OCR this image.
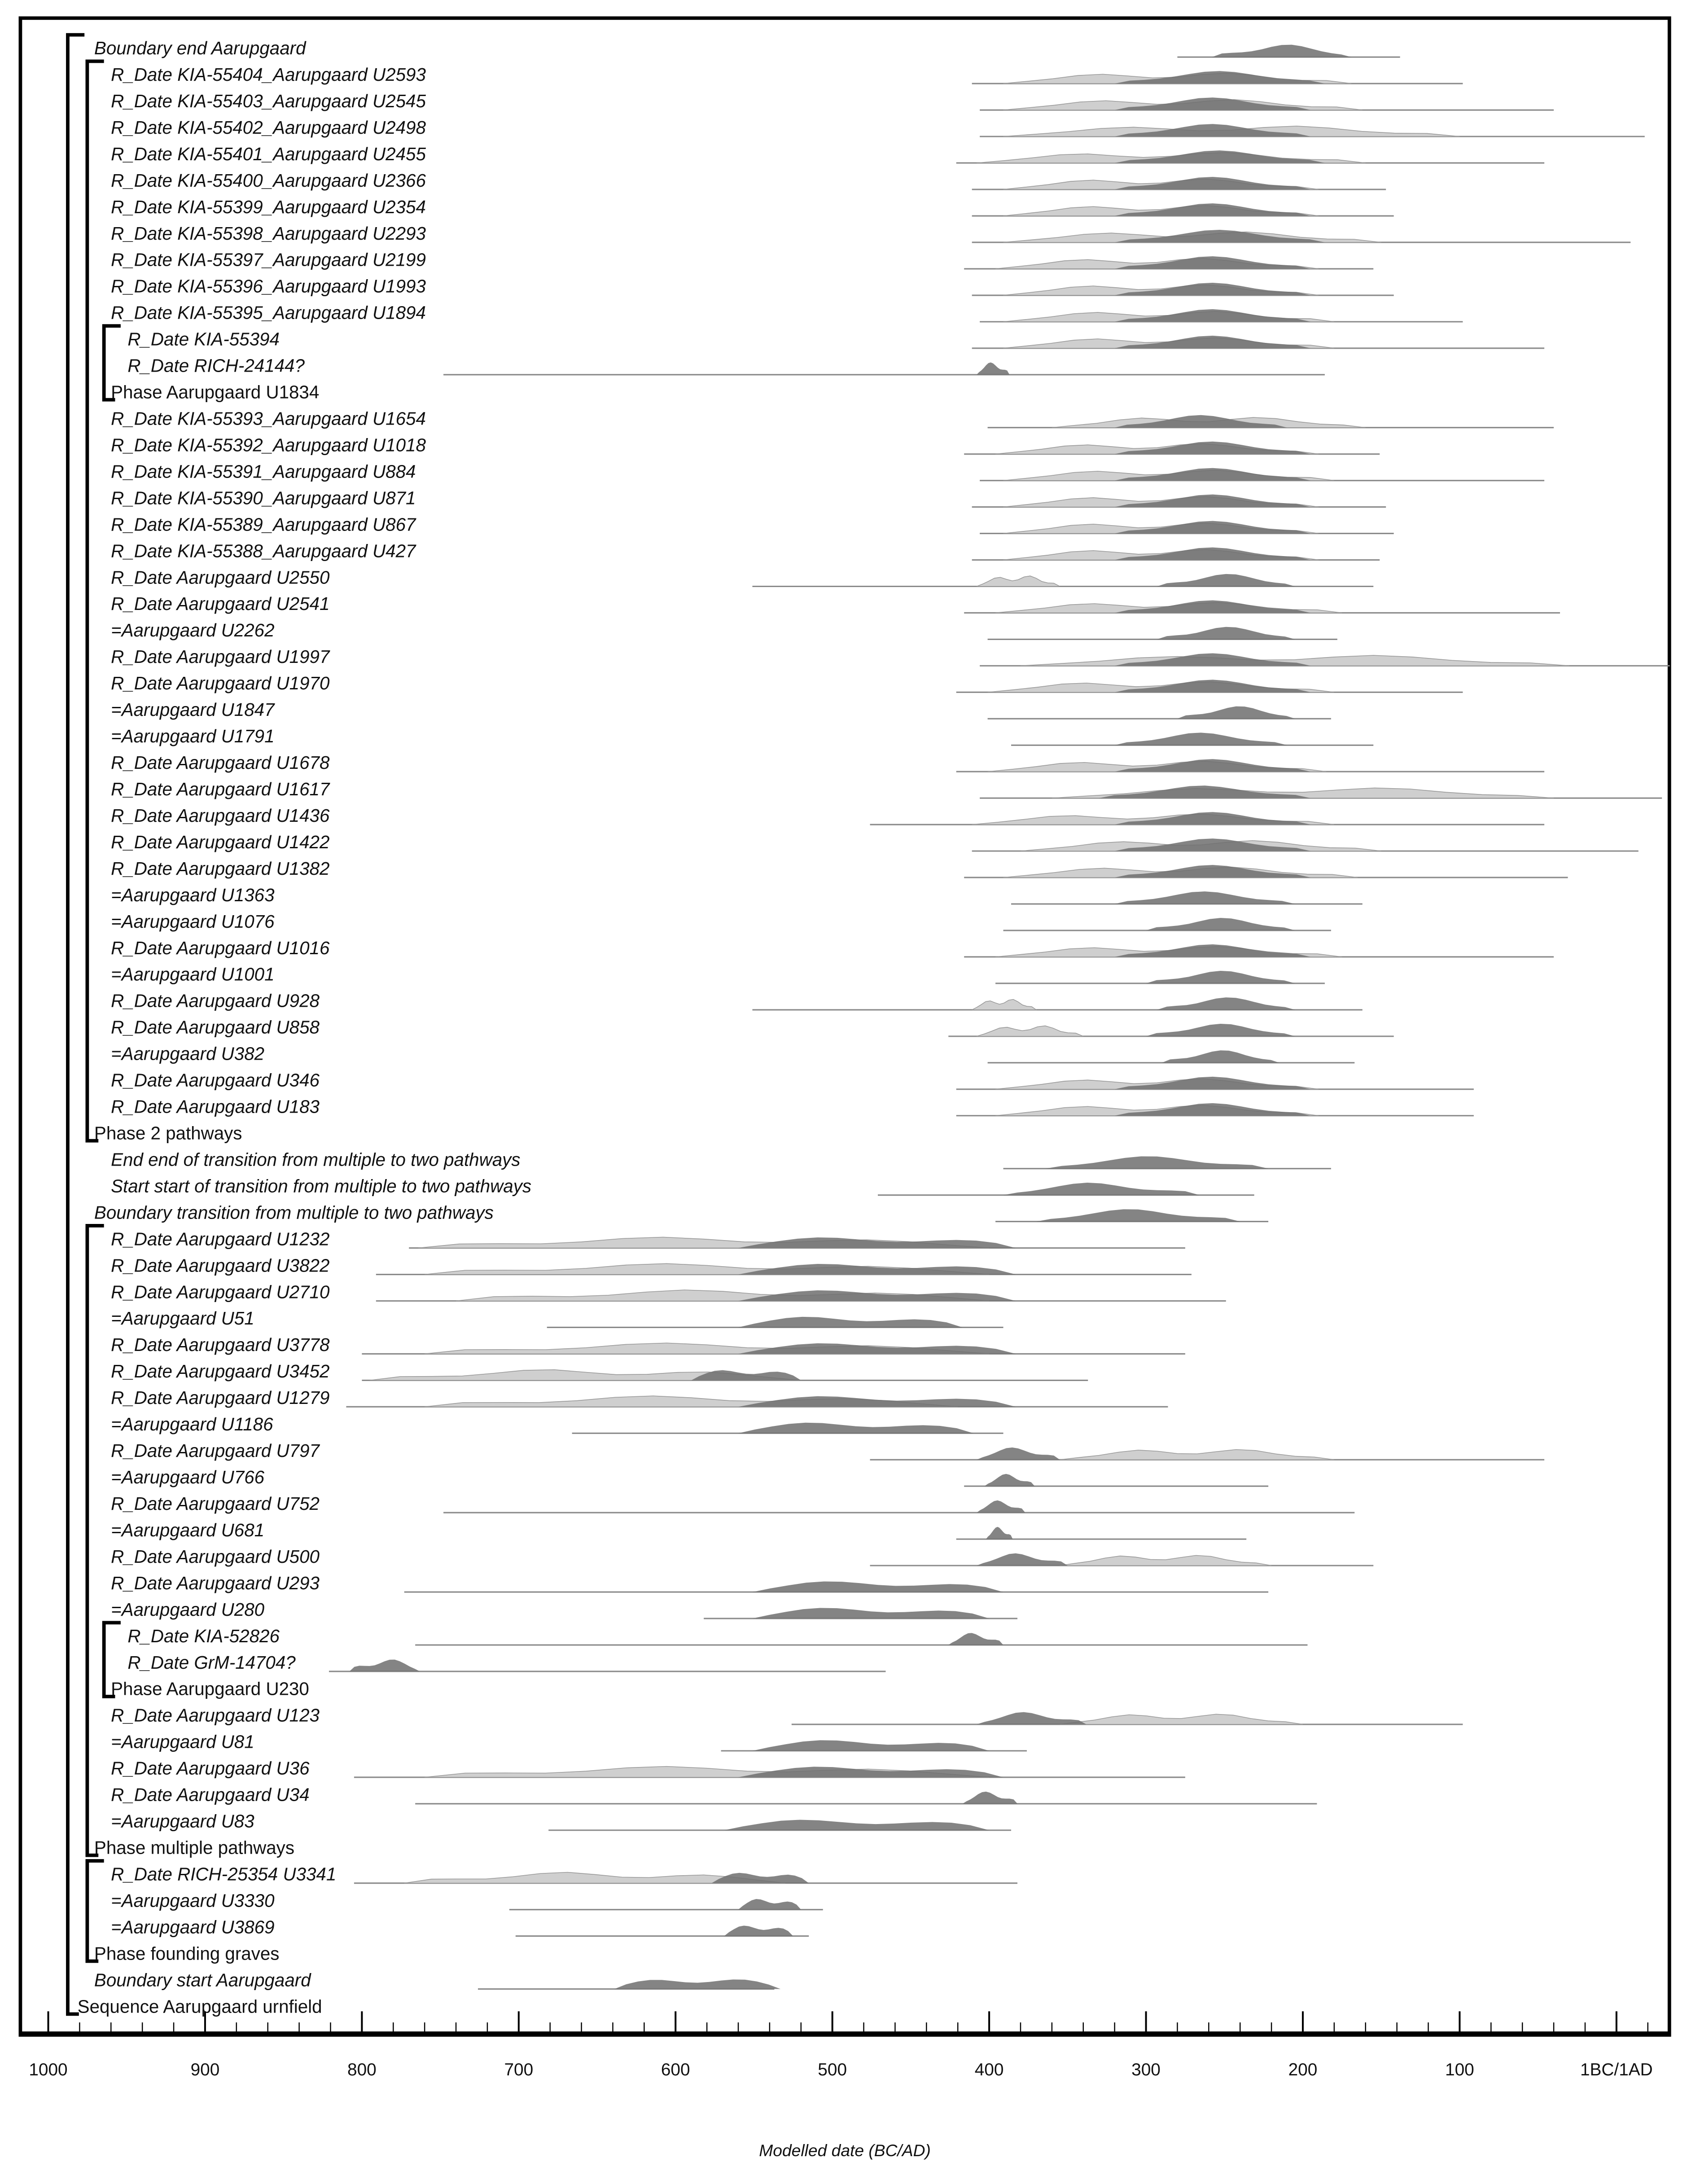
Boundary end Aarupgaard
R_Date KIA-55404_Aarupgaard U2593
R_Date KIA-55403_Aarupgaard U2545
R_Date KIA-55402_Aarupgaard U2498
R_Date KIA-55401_Aarupgaard U2455
R_Date KIA-55400_Aarupgaard U2366
R_Date KIA-55399_Aarupgaard U2354
R_Date KIA-55398_Aarupgaard U2293
R_Date KIA-55397_Aarupgaard U2199
R_Date KIA-55396_Aarupgaard U1993
R_Date KIA-55395_Aarupgaard U1894
R_Date KIA-55394
R_Date RICH-24144?
Phase Aarupgaard U1834
R_Date KIA-55393_Aarupgaard U1654
R_Date KIA-55392_Aarupgaard U1018
R_Date KIA-55391_Aarupgaard U884
R_Date KIA-55390_Aarupgaard U871
R_Date KIA-55389_Aarupgaard U867
R_Date KIA-55388_Aarupgaard U427
R_Date Aarupgaard U2550
R_Date Aarupgaard U2541
=Aarupgaard U2262
R_Date Aarupgaard U1997
R_Date Aarupgaard U1970
=Aarupgaard U1847
=Aarupgaard U1791
R_Date Aarupgaard U1678
R_Date Aarupgaard U1617
R_Date Aarupgaard U1436
R_Date Aarupgaard U1422
R_Date Aarupgaard U1382
=Aarupgaard U1363
=Aarupgaard U1076
R_Date Aarupgaard U1016
=Aarupgaard U1001
R_Date Aarupgaard U928
R_Date Aarupgaard U858
=Aarupgaard U382
R_Date Aarupgaard U346
R_Date Aarupgaard U183
Phase 2 pathways
End end of transition from multiple to two pathways
Start start of transition from multiple to two pathways
Boundary transition from multiple to two pathways
R_Date Aarupgaard U1232
R_Date Aarupgaard U3822
R_Date Aarupgaard U2710
=Aarupgaard U51
R_Date Aarupgaard U3778
R_Date Aarupgaard U3452
R_Date Aarupgaard U1279
=Aarupgaard U1186
R_Date Aarupgaard U797
=Aarupgaard U766
R_Date Aarupgaard U752
=Aarupgaard U681
R_Date Aarupgaard U500
R_Date Aarupgaard U293
=Aarupgaard U280
R_Date KIA-52826
R_Date GrM-14704?
Phase Aarupgaard U230
R_Date Aarupgaard U123
=Aarupgaard U81
R_Date Aarupgaard U36
R_Date Aarupgaard U34
=Aarupgaard U83
Phase multiple pathways
R_Date RICH-25354 U3341
=Aarupgaard U3330
=Aarupgaard U3869
Phase founding graves
Boundary start Aarupgaard
Sequence Aarupgaard urnfield
1000	900	800	700	600	500	400	300	200	100	1BC/1AD
Modelled date (BC/AD)
